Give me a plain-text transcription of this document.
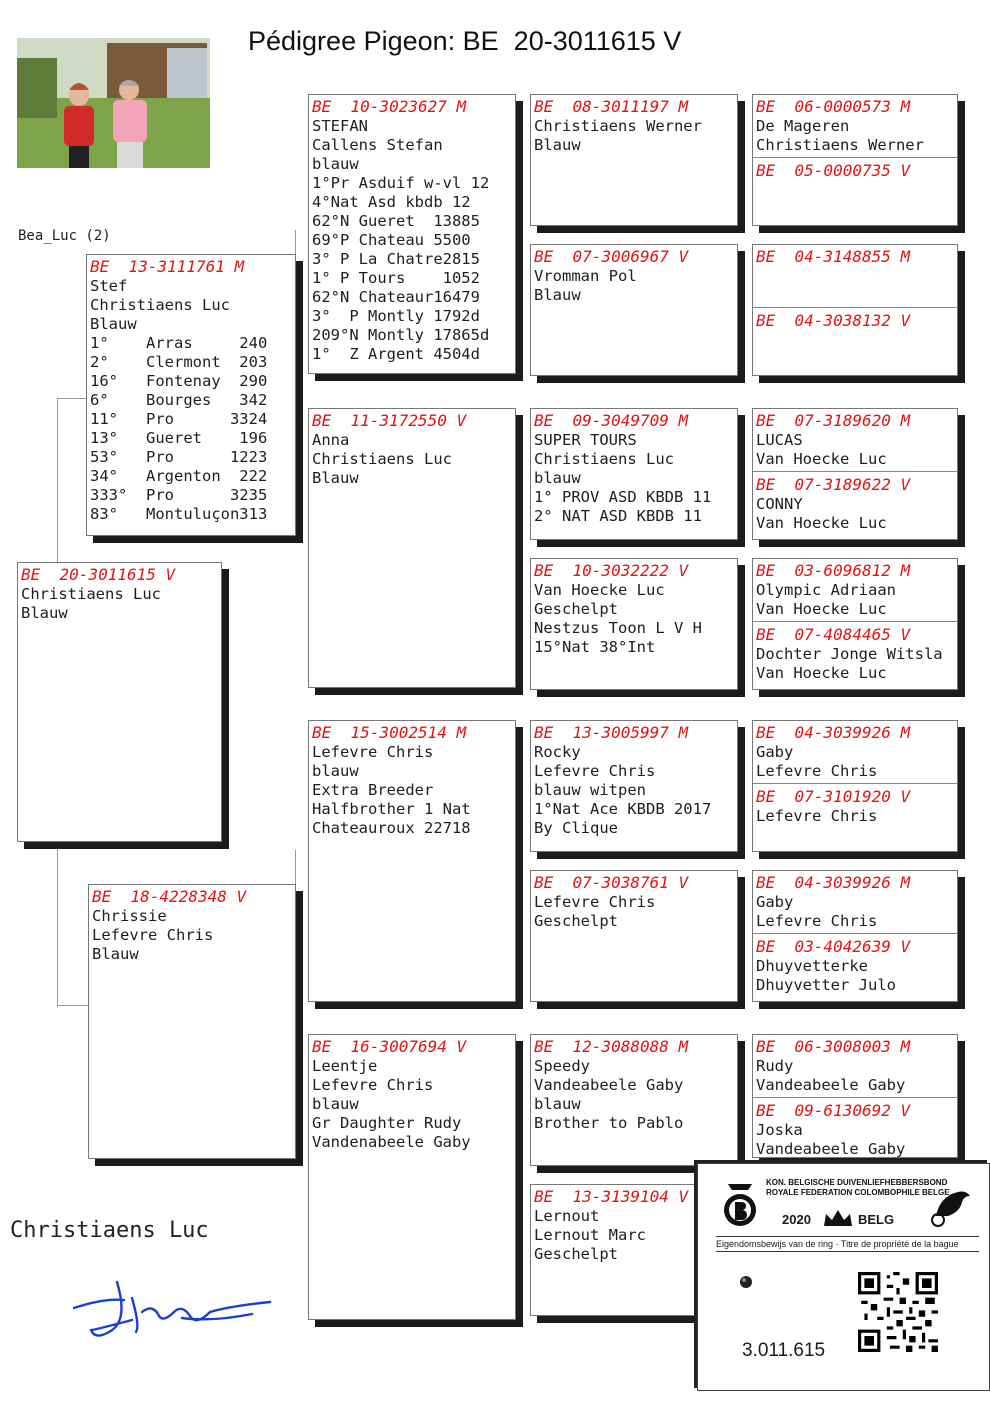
Pédigree Pigeon: BE  20-3011615 V
Bea_Luc (2)
BE  20-3011615 V
Christiaens Luc
Blauw
BE  13-3111761 M
Stef
Christiaens Luc
Blauw
1°    Arras     240
2°    Clermont  203
16°   Fontenay  290
6°    Bourges   342
11°   Pro      3324
13°   Gueret    196
53°   Pro      1223
34°   Argenton  222
333°  Pro      3235
83°   Montuluçon313
BE  18-4228348 V
Chrissie
Lefevre Chris
Blauw
BE  10-3023627 M
STEFAN
Callens Stefan
blauw
1°Pr Asduif w-vl 12
4°Nat Asd kbdb 12
62°N Gueret  13885
69°P Chateau 5500
3° P La Chatre2815
1° P Tours    1052
62°N Chateaur16479
3°  P Montly 1792d
209°N Montly 17865d
1°  Z Argent 4504d
BE  11-3172550 V
Anna
Christiaens Luc
Blauw
BE  15-3002514 M
Lefevre Chris
blauw
Extra Breeder
Halfbrother 1 Nat
Chateauroux 22718
BE  16-3007694 V
Leentje
Lefevre Chris
blauw
Gr Daughter Rudy
Vandenabeele Gaby
BE  08-3011197 M
Christiaens Werner
Blauw
BE  07-3006967 V
Vromman Pol
Blauw
BE  09-3049709 M
SUPER TOURS
Christiaens Luc
blauw
1° PROV ASD KBDB 11
2° NAT ASD KBDB 11
BE  10-3032222 V
Van Hoecke Luc
Geschelpt
Nestzus Toon L V H
15°Nat 38°Int
BE  13-3005997 M
Rocky
Lefevre Chris
blauw witpen
1°Nat Ace KBDB 2017
By Clique
BE  07-3038761 V
Lefevre Chris
Geschelpt
BE  12-3088088 M
Speedy
Vandeabeele Gaby
blauw
Brother to Pablo
BE  13-3139104 V
Lernout
Lernout Marc
Geschelpt
BE  06-0000573 M
De Mageren
Christiaens Werner
BE  05-0000735 V
BE  04-3148855 M
BE  04-3038132 V
BE  07-3189620 M
LUCAS
Van Hoecke Luc
BE  07-3189622 V
CONNY
Van Hoecke Luc
BE  03-6096812 M
Olympic Adriaan
Van Hoecke Luc
BE  07-4084465 V
Dochter Jonge Witsla
Van Hoecke Luc
BE  04-3039926 M
Gaby
Lefevre Chris
BE  07-3101920 V
Lefevre Chris
BE  04-3039926 M
Gaby
Lefevre Chris
BE  03-4042639 V
Dhuyvetterke
Dhuyvetter Julo
BE  06-3008003 M
Rudy
Vandeabeele Gaby
BE  09-6130692 V
Joska
Vandeabeele Gaby
Christiaens Luc
KON. BELGISCHE DUIVENLIEFHEBBERSBOND
ROYALE FEDERATION COLOMBOPHILE BELGE
2020	BELG
Eigendomsbewijs van de ring · Titre de propriété de la bague
3.011.615
